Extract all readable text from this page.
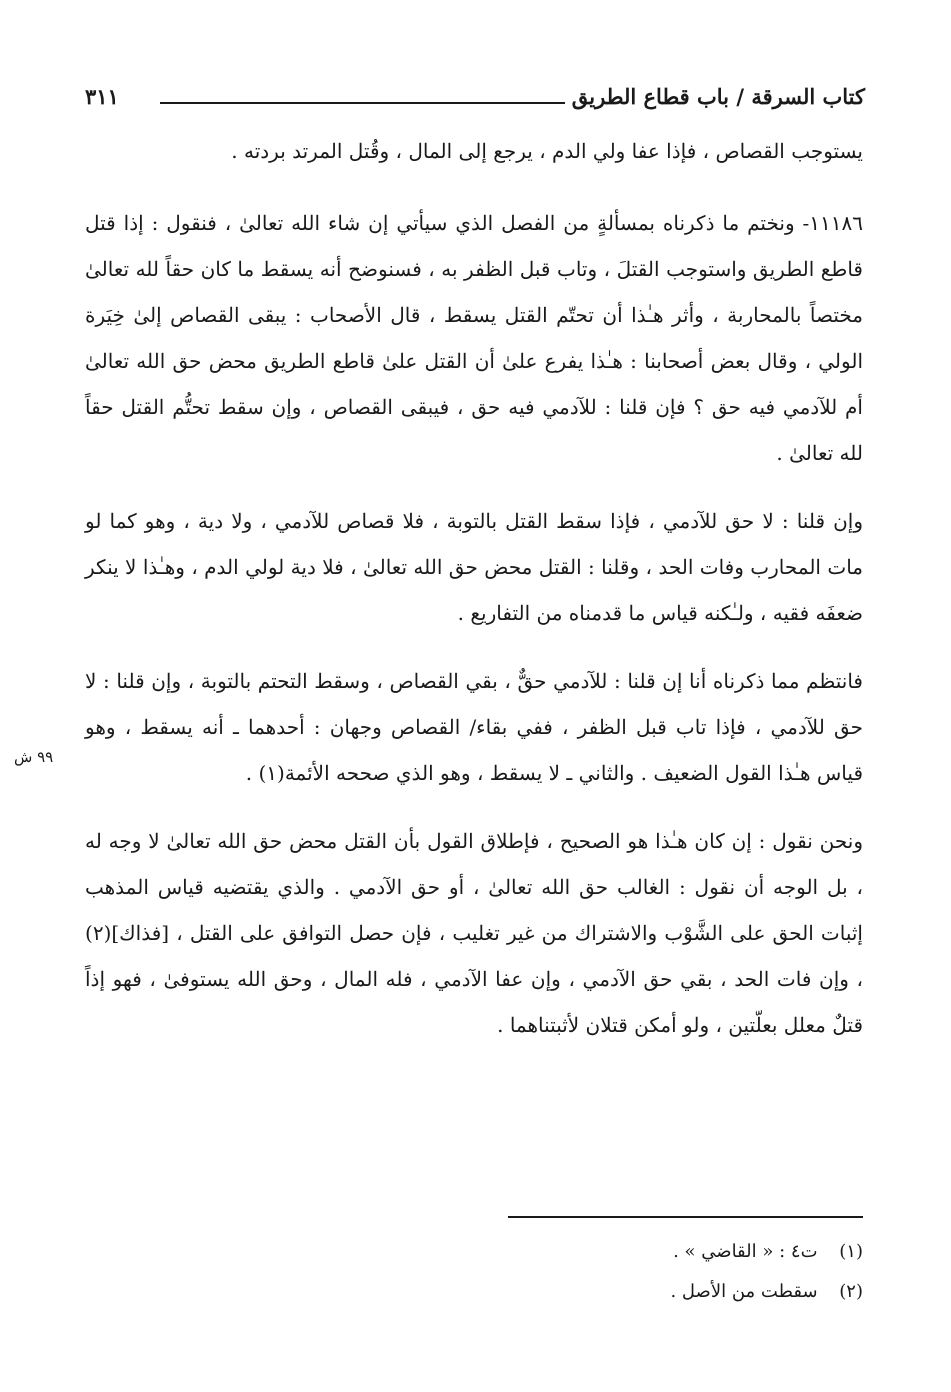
كتاب السرقة / باب قطاع الطريق
٣١١

يستوجب القصاص ، فإذا عفا ولي الدم ، يرجع إلى المال ، وقُتل المرتد بردته .

١١١٨٦- ونختم ما ذكرناه بمسألةٍ من الفصل الذي سيأتي إن شاء الله تعالىٰ ، فنقول : إذا قتل قاطع الطريق واستوجب القتلَ ، وتاب قبل الظفر به ، فسنوضح أنه يسقط ما كان حقاً لله تعالىٰ مختصاً بالمحاربة ، وأثر هـٰذا أن تحتّم القتل يسقط ، قال الأصحاب : يبقى القصاص إلىٰ خِيَرة الولي ، وقال بعض أصحابنا : هـٰذا يفرع علىٰ أن القتل علىٰ قاطع الطريق محض حق الله تعالىٰ أم للآدمي فيه حق ؟ فإن قلنا : للآدمي فيه حق ، فيبقى القصاص ، وإن سقط تحتُّم القتل حقاً لله تعالىٰ .

وإن قلنا : لا حق للآدمي ، فإذا سقط القتل بالتوبة ، فلا قصاص للآدمي ، ولا دية ، وهو كما لو مات المحارب وفات الحد ، وقلنا : القتل محض حق الله تعالىٰ ، فلا دية لولي الدم ، وهـٰذا لا ينكر ضعفَه فقيه ، ولـٰكنه قياس ما قدمناه من التفاريع .

فانتظم مما ذكرناه أنا إن قلنا : للآدمي حقٌّ ، بقي القصاص ، وسقط التحتم بالتوبة ، وإن قلنا : لا حق للآدمي ، فإذا تاب قبل الظفر ، ففي بقاء/ القصاص وجهان : أحدهما ـ أنه يسقط ، وهو قياس هـٰذا القول الضعيف . والثاني ـ لا يسقط ، وهو الذي صححه الأئمة(١) .

ونحن نقول : إن كان هـٰذا هو الصحيح ، فإطلاق القول بأن القتل محض حق الله تعالىٰ لا وجه له ، بل الوجه أن نقول : الغالب حق الله تعالىٰ ، أو حق الآدمي . والذي يقتضيه قياس المذهب إثبات الحق على الشَّوْب والاشتراك من غير تغليب ، فإن حصل التوافق على القتل ، [فذاك](٢) ، وإن فات الحد ، بقي حق الآدمي ، وإن عفا الآدمي ، فله المال ، وحق الله يستوفىٰ ، فهو إذاً قتلٌ معلل بعلّتين ، ولو أمكن قتلان لأثبتناهما .

٩٩ ش

(١) ت٤ : « القاضي » .

(٢) سقطت من الأصل .
